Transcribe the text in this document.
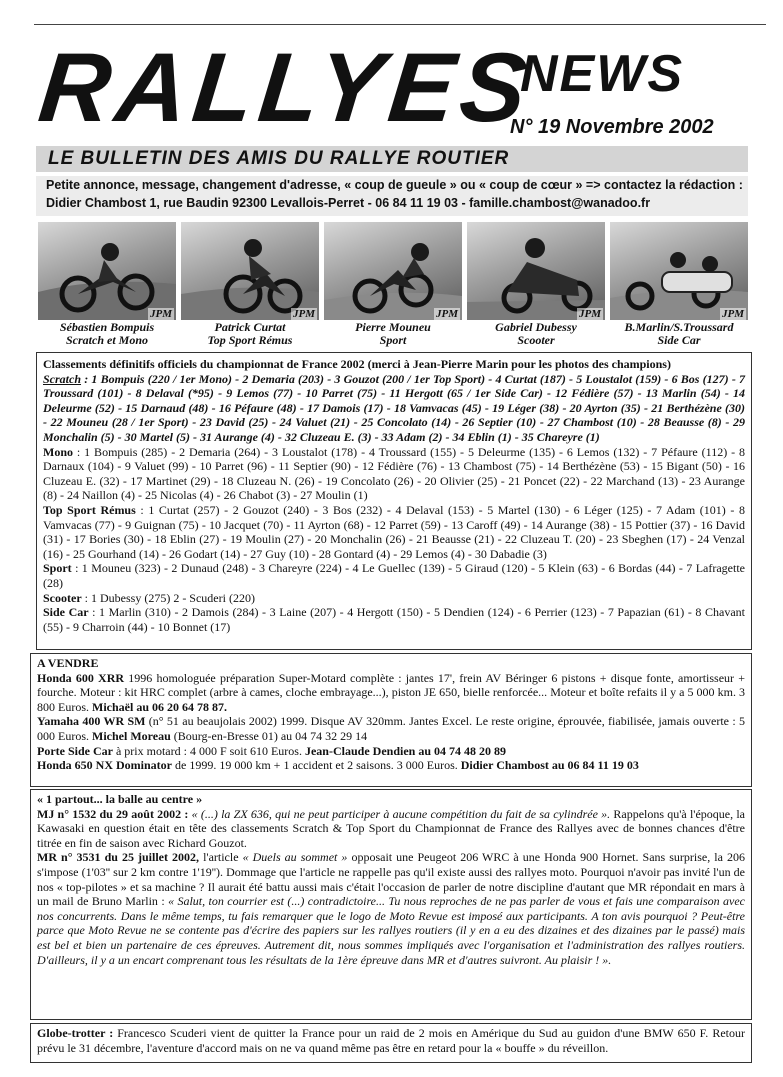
RALLYES
NEWS
N° 19 Novembre 2002
LE BULLETIN DES AMIS DU RALLYE ROUTIER
Petite annonce, message, changement d'adresse, « coup de gueule » ou « coup de cœur » => contactez la rédaction :
Didier Chambost 1, rue Baudin 92300 Levallois-Perret - 06 84 11 19 03 - famille.chambost@wanadoo.fr
JPM
Sébastien Bompuis
Scratch et Mono
JPM
Patrick Curtat
Top Sport Rémus
JPM
Pierre Mouneu
Sport
JPM
Gabriel Dubessy
Scooter
JPM
B.Marlin/S.Troussard
Side Car

Classements définitifs officiels du championnat de France 2002 (merci à Jean-Pierre Marin pour les photos des champions)

Scratch : 1 Bompuis (220 / 1er Mono) - 2 Demaria (203) - 3 Gouzot (200 / 1er Top Sport) - 4 Curtat (187) - 5 Loustalot (159) - 6 Bos (127) - 7 Troussard (101) - 8 Delaval (*95) - 9 Lemos (77) - 10 Parret (75) - 11 Hergott (65 / 1er Side Car) - 12 Fédière (57) - 13 Marlin (54) - 14 Deleurme (52) - 15 Darnaud (48) - 16 Péfaure (48) - 17 Damois (17) - 18 Vamvacas (45) - 19 Léger (38) - 20 Ayrton (35) - 21 Berthézène (30) - 22 Mouneu (28 / 1er Sport) - 23 David (25) - 24 Valuet (21) - 25 Concolato (14) - 26 Septier (10) - 27 Chambost (10) - 28 Beausse (8) - 29 Monchalin (5) - 30 Martel (5) - 31 Aurange (4) - 32 Cluzeau E. (3) - 33 Adam (2) - 34 Eblin (1) - 35 Chareyre (1)

Mono : 1 Bompuis (285) - 2 Demaria (264) - 3 Loustalot (178) - 4 Troussard (155) - 5 Deleurme (135) - 6 Lemos (132) - 7 Péfaure (112) - 8 Darnaux (104) - 9 Valuet (99) - 10 Parret (96) - 11 Septier (90) - 12 Fédière (76) - 13 Chambost (75) - 14 Berthézène (53) - 15 Bigant (50) - 16 Cluzeau E. (32) - 17 Martinet (29) - 18 Cluzeau N. (26) - 19 Concolato (26) - 20 Olivier (25) - 21 Poncet (22) - 22 Marchand (13) - 23 Aurange (8) - 24 Naillon (4) - 25 Nicolas (4) - 26 Chabot (3) - 27 Moulin (1)

Top Sport Rémus : 1 Curtat (257) - 2 Gouzot (240) - 3 Bos (232) - 4 Delaval (153) - 5 Martel (130) - 6 Léger (125) - 7 Adam (101) - 8 Vamvacas (77) - 9 Guignan (75) - 10 Jacquet (70) - 11 Ayrton (68) - 12 Parret (59) - 13 Caroff (49) - 14 Aurange (38) - 15 Pottier (37) - 16 David (31) - 17 Bories (30) - 18 Eblin (27) - 19 Moulin (27) - 20 Monchalin (26) - 21 Beausse (21) - 22 Cluzeau T. (20) - 23 Sbeghen (17) - 24 Venzal (16) - 25 Gourhand (14) - 26 Godart (14) - 27 Guy (10) - 28 Gontard (4) - 29 Lemos (4) - 30 Dabadie (3)

Sport : 1 Mouneu (323) - 2 Dunaud (248) - 3 Chareyre (224) - 4 Le Guellec (139) - 5 Giraud (120) - 5 Klein (63) - 6 Bordas (44) - 7 Lafragette (28)

Scooter : 1 Dubessy (275) 2 - Scuderi (220)

Side Car : 1 Marlin (310) - 2 Damois (284) - 3 Laine (207) - 4 Hergott (150) - 5 Dendien (124) - 6 Perrier (123) - 7 Papazian (61) - 8 Chavant (55) - 9 Charroin (44) - 10 Bonnet (17)

A VENDRE

Honda 600 XRR 1996 homologuée préparation Super-Motard complète : jantes 17', frein AV Béringer 6 pistons + disque fonte, amortisseur + fourche. Moteur : kit HRC complet (arbre à cames, cloche embrayage...), piston JE 650, bielle renforcée... Moteur et boîte refaits il y a 5 000 km. 3 800 Euros. Michaël au 06 20 64 78 87.

Yamaha 400 WR SM (n° 51 au beaujolais 2002) 1999. Disque AV 320mm. Jantes Excel. Le reste origine, éprouvée, fiabilisée, jamais ouverte : 5 000 Euros. Michel Moreau (Bourg-en-Bresse 01) au 04 74 32 29 14

Porte Side Car à prix motard : 4 000 F soit 610 Euros. Jean-Claude Dendien au 04 74 48 20 89

Honda 650 NX Dominator de 1999. 19 000 km + 1 accident et 2 saisons. 3 000 Euros. Didier Chambost au 06 84 11 19 03

« 1 partout... la balle au centre »

MJ n° 1532 du 29 août 2002 : « (...) la ZX 636, qui ne peut participer à aucune compétition du fait de sa cylindrée ». Rappelons qu'à l'époque, la Kawasaki en question était en tête des classements Scratch & Top Sport du Championnat de France des Rallyes avec de bonnes chances d'être titrée en fin de saison avec Richard Gouzot.

MR n° 3531 du 25 juillet 2002, l'article « Duels au sommet » opposait une Peugeot 206 WRC à une Honda 900 Hornet. Sans surprise, la 206 s'impose (1'03'' sur 2 km contre 1'19''). Dommage que l'article ne rappelle pas qu'il existe aussi des rallyes moto. Pourquoi n'avoir pas invité l'un de nos « top-pilotes » et sa machine ? Il aurait été battu aussi mais c'était l'occasion de parler de notre discipline d'autant que MR répondait en mars à un mail de Bruno Marlin : « Salut, ton courrier est (...) contradictoire... Tu nous reproches de ne pas parler de vous et fais une comparaison avec nos concurrents. Dans le même temps, tu fais remarquer que le logo de Moto Revue est imposé aux participants. A ton avis pourquoi ? Peut-être parce que Moto Revue ne se contente pas d'écrire des papiers sur les rallyes routiers (il y en a eu des dizaines et des dizaines par le passé) mais est bel et bien un partenaire de ces épreuves. Autrement dit, nous sommes impliqués avec l'organisation et l'administration des rallyes routiers. D'ailleurs, il y a un encart comprenant tous les résultats de la 1ère épreuve dans MR et d'autres suivront. Au plaisir ! ».

Globe-trotter : Francesco Scuderi vient de quitter la France pour un raid de 2 mois en Amérique du Sud au guidon d'une BMW 650 F. Retour prévu le 31 décembre, l'aventure d'accord mais on ne va quand même pas être en retard pour la « bouffe » du réveillon.
